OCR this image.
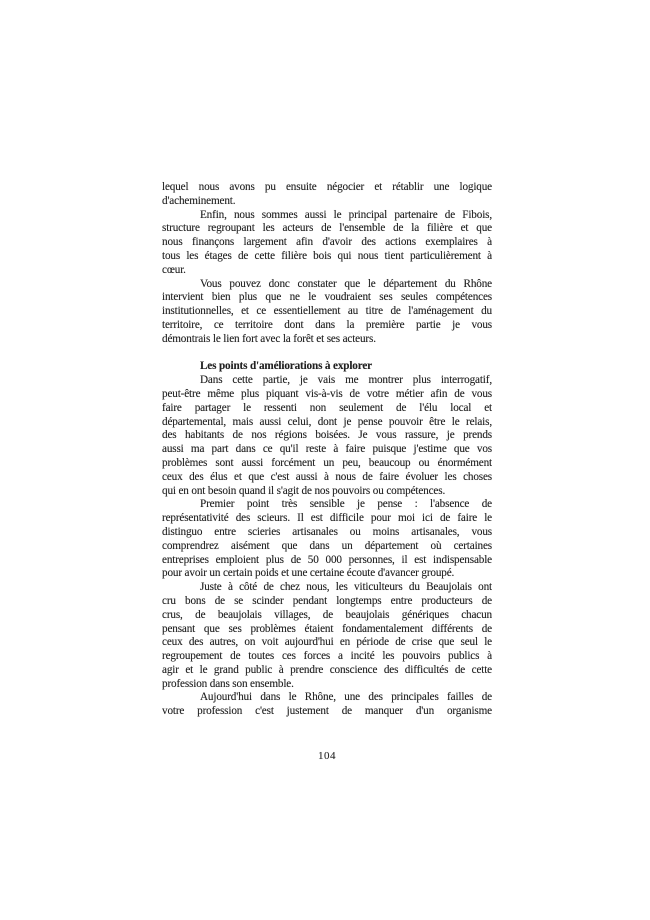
lequel nous avons pu ensuite négocier et rétablir une logique
d'acheminement.
Enfin, nous sommes aussi le principal partenaire de Fibois,
structure regroupant les acteurs de l'ensemble de la filière et que
nous finançons largement afin d'avoir des actions exemplaires à
tous les étages de cette filière bois qui nous tient particulièrement à
cœur.
Vous pouvez donc constater que le département du Rhône
intervient bien plus que ne le voudraient ses seules compétences
institutionnelles, et ce essentiellement au titre de l'aménagement du
territoire, ce territoire dont dans la première partie je vous
démontrais le lien fort avec la forêt et ses acteurs.
Les points d'améliorations à explorer
Dans cette partie, je vais me montrer plus interrogatif,
peut-être même plus piquant vis-à-vis de votre métier afin de vous
faire partager le ressenti non seulement de l'élu local et
départemental, mais aussi celui, dont je pense pouvoir être le relais,
des habitants de nos régions boisées. Je vous rassure, je prends
aussi ma part dans ce qu'il reste à faire puisque j'estime que vos
problèmes sont aussi forcément un peu, beaucoup ou énormément
ceux des élus et que c'est aussi à nous de faire évoluer les choses
qui en ont besoin quand il s'agit de nos pouvoirs ou compétences.
Premier point très sensible je pense : l'absence de
représentativité des scieurs. Il est difficile pour moi ici de faire le
distinguo entre scieries artisanales ou moins artisanales, vous
comprendrez aisément que dans un département où certaines
entreprises emploient plus de 50 000 personnes, il est indispensable
pour avoir un certain poids et une certaine écoute d'avancer groupé.
Juste à côté de chez nous, les viticulteurs du Beaujolais ont
cru bons de se scinder pendant longtemps entre producteurs de
crus, de beaujolais villages, de beaujolais génériques chacun
pensant que ses problèmes étaient fondamentalement différents de
ceux des autres, on voit aujourd'hui en période de crise que seul le
regroupement de toutes ces forces a incité les pouvoirs publics à
agir et le grand public à prendre conscience des difficultés de cette
profession dans son ensemble.
Aujourd'hui dans le Rhône, une des principales failles de
votre profession c'est justement de manquer d'un organisme
104
